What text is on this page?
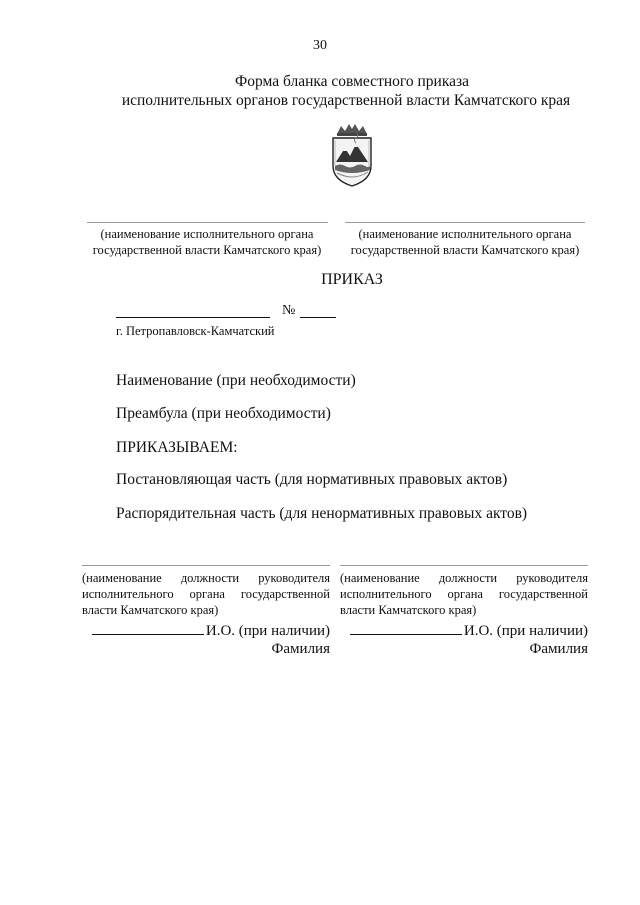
30
Форма бланка совместного приказа
исполнительных органов государственной власти Камчатского края
(наименование исполнительного органа
государственной власти Камчатского края)
(наименование исполнительного органа
государственной власти Камчатского края)
ПРИКАЗ
№
г. Петропавловск-Камчатский
Наименование (при необходимости)
Преамбула (при необходимости)
ПРИКАЗЫВАЕМ:
Постановляющая часть (для нормативных правовых актов)
Распорядительная часть (для ненормативных правовых актов)
(наименование должности руководителя исполнительного органа государственной власти Камчатского края)
(наименование должности руководителя исполнительного органа государственной власти Камчатского края)
И.О. (при наличии)
Фамилия
И.О. (при наличии)
Фамилия
